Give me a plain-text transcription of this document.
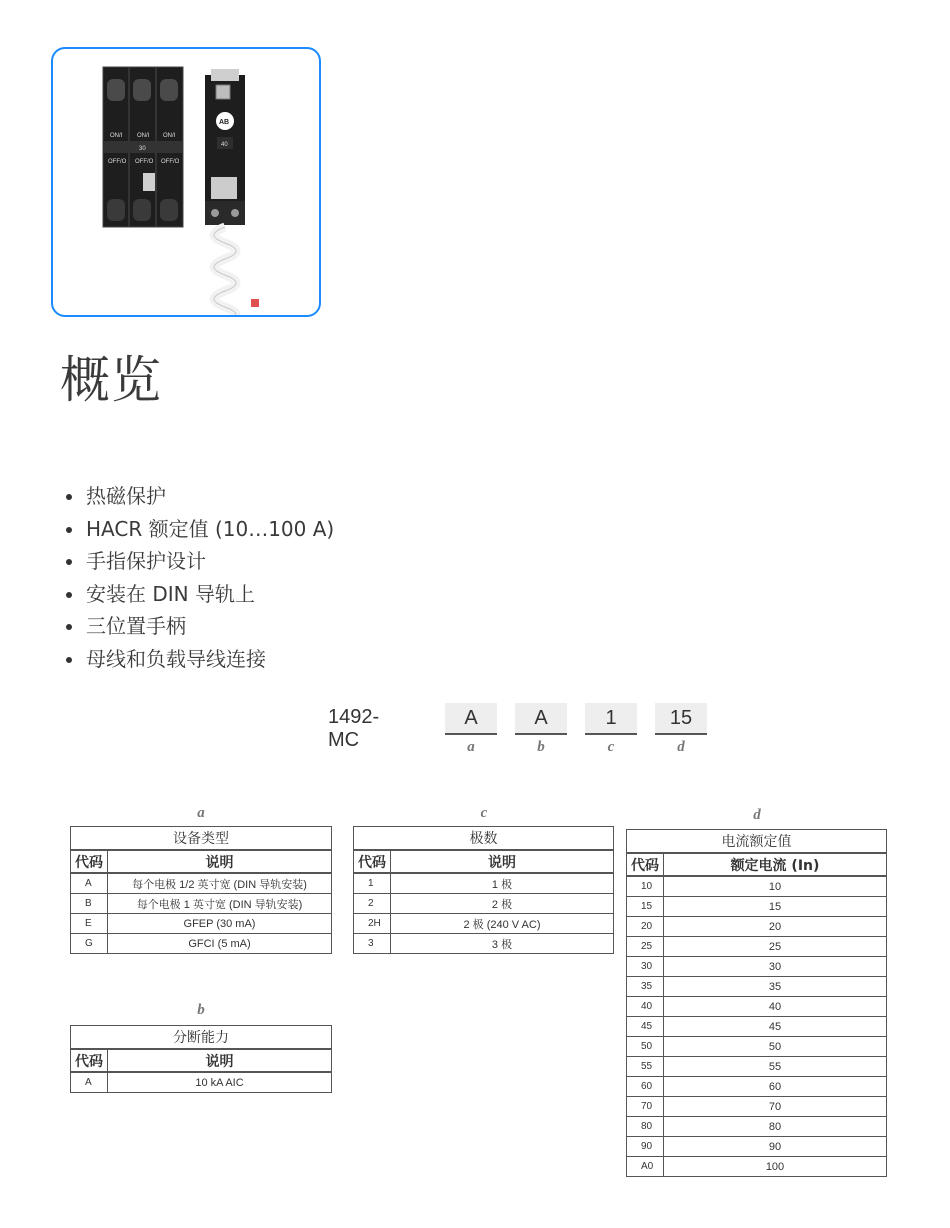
ON/I ON/I ON/I
30
OFF/O OFF/O OFF/O
AB
40
概览
热磁保护
HACR 额定值 (10…100 A)
手指保护设计
安装在 DIN 导轨上
三位置手柄
母线和负载导线连接
1492-MC
A	A	1	15
a	b	c	d
a
设备类型	
代码	说明
A	每个电极 1/2 英寸宽 (DIN 导轨安装)
B	每个电极 1 英寸宽 (DIN 导轨安装)
E	GFEP (30 mA)
G	GFCI (5 mA)
b
分断能力	
代码	说明
A	10 kA AIC
c
极数	
代码	说明
1	1 极
2	2 极
2H	2 极 (240 V AC)
3	3 极
d
电流额定值	
代码	额定电流 (In)
10	10
15	15
20	20
25	25
30	30
35	35
40	40
45	45
50	50
55	55
60	60
70	70
80	80
90	90
A0	100
